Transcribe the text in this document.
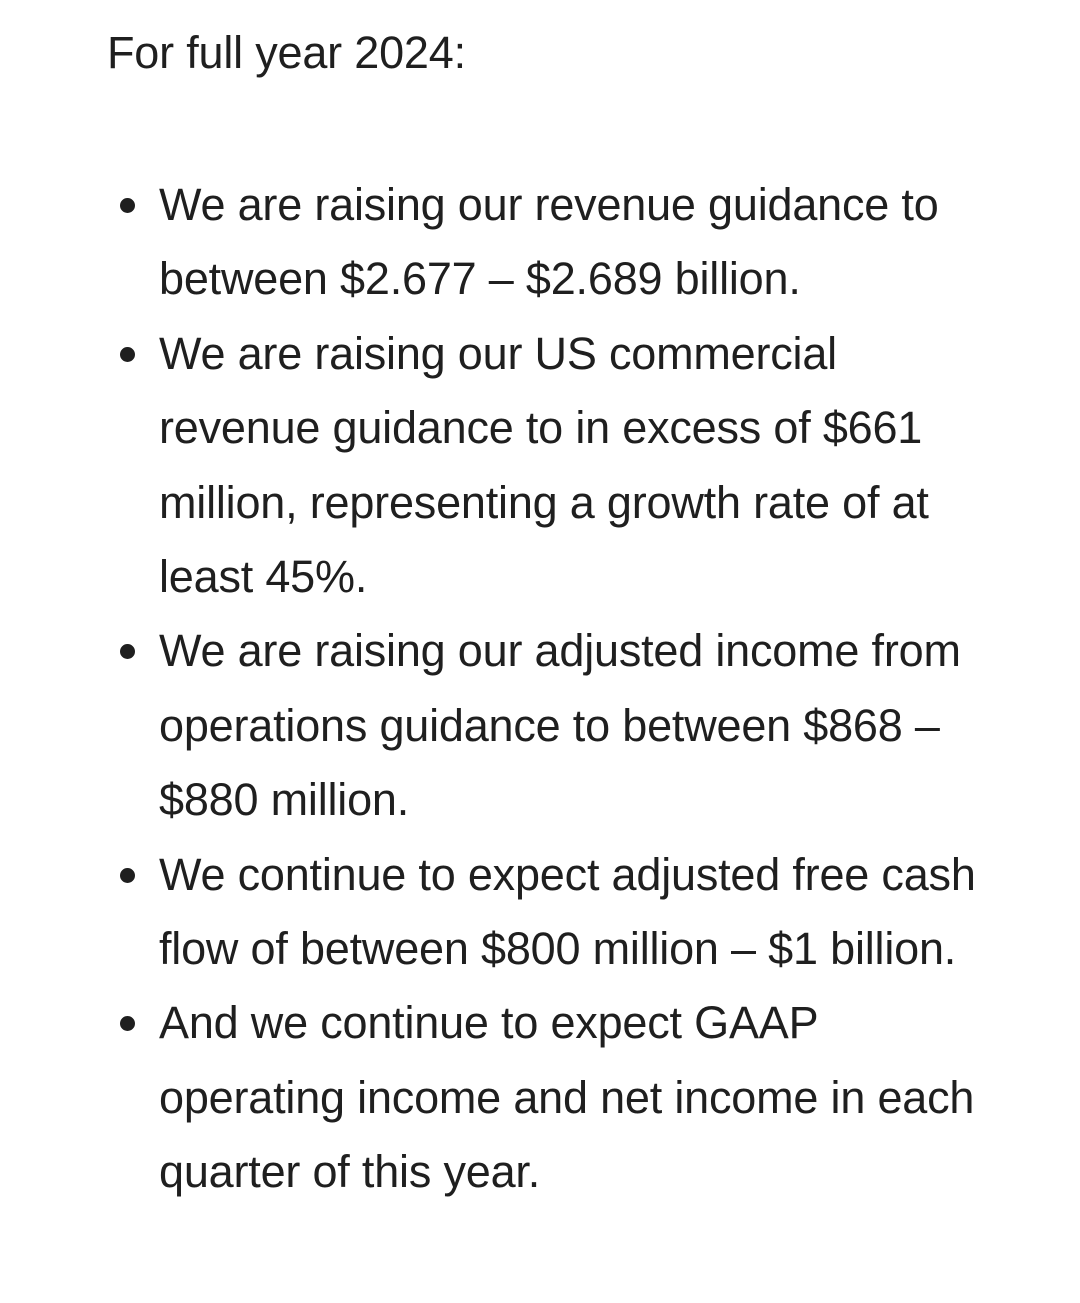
For full year 2024:

We are raising our revenue guidance to between $2.677 – $2.689 billion.
We are raising our US commercial revenue guidance to in excess of $661 million, representing a growth rate of at least 45%.
We are raising our adjusted income from operations guidance to between $868 – $880 million.
We continue to expect adjusted free cash flow of between $800 million – $1 billion.
And we continue to expect GAAP operating income and net income in each quarter of this year.
